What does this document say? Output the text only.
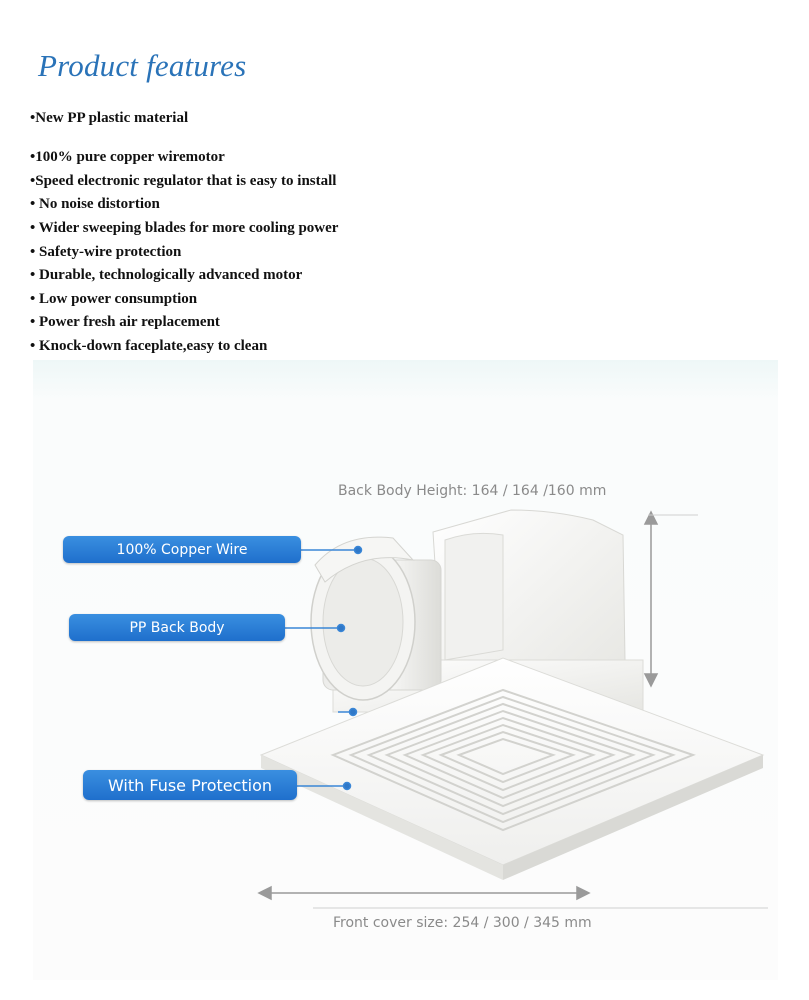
Product features
•New PP plastic material
•100% pure copper wiremotor
•Speed electronic regulator that is easy to install
• No noise distortion
• Wider sweeping blades for more cooling power
• Safety-wire protection
• Durable, technologically advanced motor
• Low power consumption
• Power fresh air replacement
• Knock-down faceplate,easy to clean
100% Copper Wire
PP Back Body
With Fuse Protection
Back Body Height: 164 / 164 /160 mm
Front cover size: 254 / 300 / 345 mm
